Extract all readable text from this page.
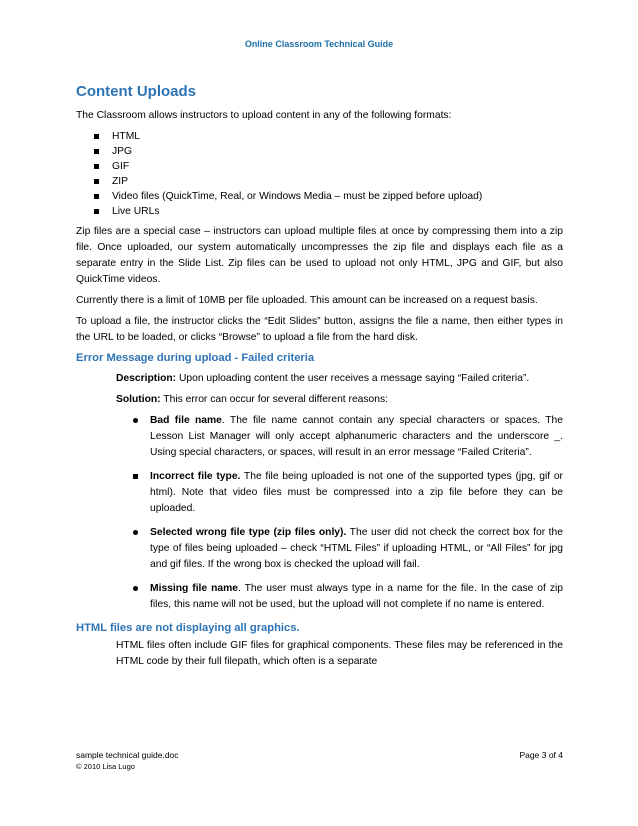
Online Classroom Technical Guide
Content Uploads

The Classroom allows instructors to upload content in any of the following formats:

HTML
JPG
GIF
ZIP
Video files (QuickTime, Real, or Windows Media – must be zipped before upload)
Live URLs

Zip files are a special case – instructors can upload multiple files at once by compressing them into a zip file. Once uploaded, our system automatically uncompresses the zip file and displays each file as a separate entry in the Slide List. Zip files can be used to upload not only HTML, JPG and GIF, but also QuickTime videos.

Currently there is a limit of 10MB per file uploaded. This amount can be increased on a request basis.

To upload a file, the instructor clicks the “Edit Slides” button, assigns the file a name, then either types in the URL to be loaded, or clicks “Browse” to upload a file from the hard disk.

Error Message during upload - Failed criteria

Description: Upon uploading content the user receives a message saying “Failed criteria”.

Solution: This error can occur for several different reasons:

Bad file name. The file name cannot contain any special characters or spaces. The Lesson List Manager will only accept alphanumeric characters and the underscore _. Using special characters, or spaces, will result in an error message “Failed Criteria”.
Incorrect file type. The file being uploaded is not one of the supported types (jpg, gif or html). Note that video files must be compressed into a zip file before they can be uploaded.
Selected wrong file type (zip files only). The user did not check the correct box for the type of files being uploaded – check “HTML Files” if uploading HTML, or “All Files” for jpg and gif files. If the wrong box is checked the upload will fail.
Missing file name. The user must always type in a name for the file. In the case of zip files, this name will not be used, but the upload will not complete if no name is entered.
HTML files are not displaying all graphics.

HTML files often include GIF files for graphical components. These files may be referenced in the HTML code by their full filepath, which often is a separate

sample technical guide.doc
© 2010 Lisa Lugo
Page 3 of 4
